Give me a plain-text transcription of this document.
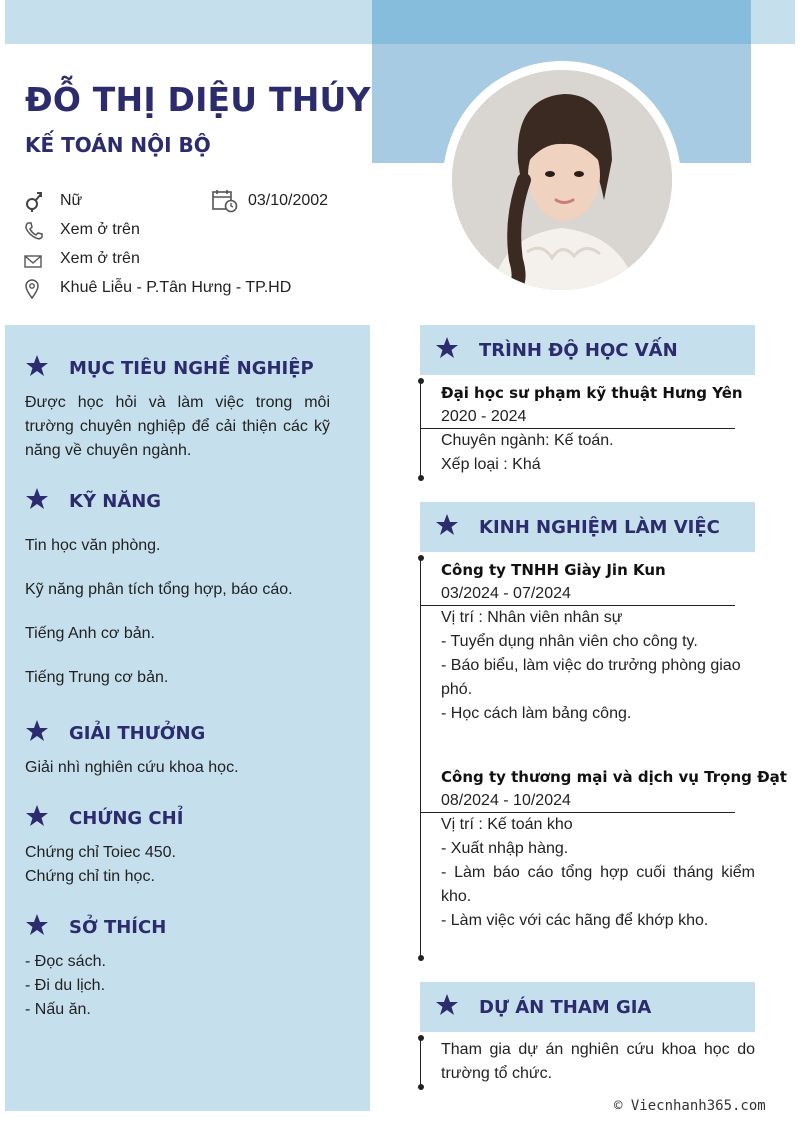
ĐỖ THỊ DIỆU THÚY
KẾ TOÁN NỘI BỘ
Nữ	03/10/2002
Xem ở trên
Xem ở trên
Khuê Liễu - P.Tân Hưng - TP.HD
MỤC TIÊU NGHỀ NGHIỆP
Được học hỏi và làm việc trong môi trường chuyên nghiệp để cải thiện các kỹ năng về chuyên ngành.
KỸ NĂNG
Tin học văn phòng.
Kỹ năng phân tích tổng hợp, báo cáo.
Tiếng Anh cơ bản.
Tiếng Trung cơ bản.
GIẢI THƯỞNG
Giải nhì nghiên cứu khoa học.
CHỨNG CHỈ
Chứng chỉ Toiec 450.
Chứng chỉ tin học.
SỞ THÍCH
- Đọc sách.
- Đi du lịch.
- Nấu ăn.
TRÌNH ĐỘ HỌC VẤN
Đại học sư phạm kỹ thuật Hưng Yên
2020 - 2024
Chuyên ngành: Kế toán.
Xếp loại : Khá
KINH NGHIỆM LÀM VIỆC
Công ty TNHH Giày Jin Kun
03/2024 - 07/2024
Vị trí : Nhân viên nhân sự
- Tuyển dụng nhân viên cho công ty.
- Báo biểu, làm việc do trưởng phòng giao phó.
- Học cách làm bảng công.
Công ty thương mại và dịch vụ Trọng Đạt
08/2024 - 10/2024
Vị trí : Kế toán kho
- Xuất nhập hàng.
- Làm báo cáo tổng hợp cuối tháng kiểm kho.
- Làm việc với các hãng để khớp kho.
DỰ ÁN THAM GIA
Tham gia dự án nghiên cứu khoa học do trường tổ chức.
© Viecnhanh365.com
